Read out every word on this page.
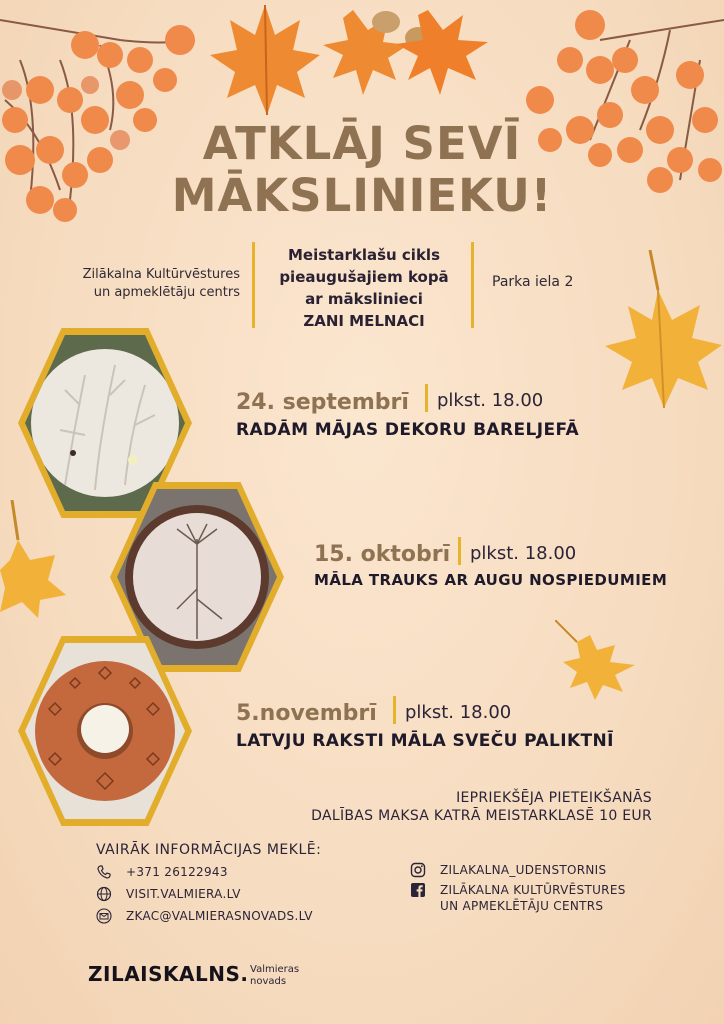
ATKLĀJ SEVĪ
MĀKSLINIEKU!
Zilākalna Kultūrvēstures
un apmeklētāju centrs
Meistarklašu cikls
pieaugušajiem kopā
ar mākslinieci
ZANI MELNACI
Parka iela 2
24. septembrī plkst. 18.00
RADĀM MĀJAS DEKORU BARELJEFĀ
15. oktobrī plkst. 18.00
MĀLA TRAUKS AR AUGU NOSPIEDUMIEM
5.novembrī plkst. 18.00
LATVJU RAKSTI MĀLA SVEČU PALIKTNĪ
IEPRIEKŠĒJA PIETEIKŠANĀS
DALĪBAS MAKSA KATRĀ MEISTARKLASĒ 10 EUR
VAIRĀK INFORMĀCIJAS MEKLĒ:
+371 26122943
VISIT.VALMIERA.LV
ZKAC@VALMIERASNOVADS.LV
ZILAKALNA_UDENSTORNIS
ZILĀKALNA KULTŪRVĒSTURES
UN APMEKLĒTĀJU CENTRS
ZILAISKALNS. Valmieras
novads
